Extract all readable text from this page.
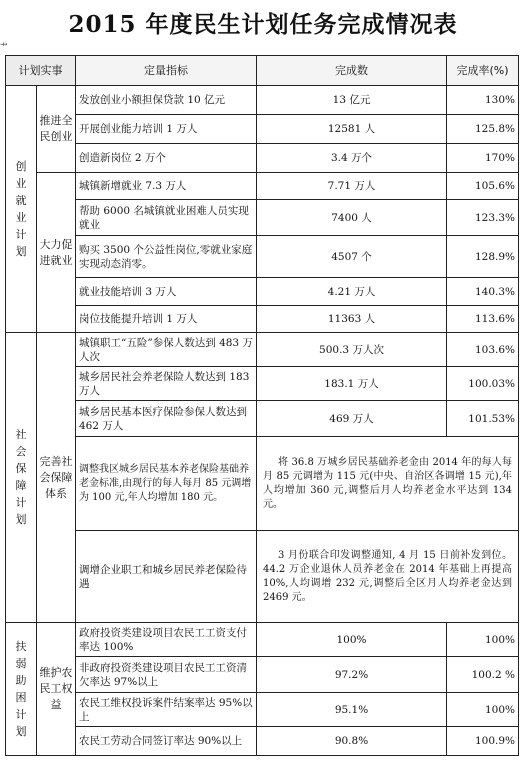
2015 年度民生计划任务完成情况表
⇸
计划实事		定量指标	完成数	完成率(%)
创业就业计划	推进全民创业	发放创业小额担保贷款 10 亿元	13 亿元	130%
		开展创业能力培训 1 万人	12581 人	125.8%
		创造新岗位 2 万个	3.4 万个	170%
	大力促进就业	城镇新增就业 7.3 万人	7.71 万人	105.6%
		帮助 6000 名城镇就业困难人员实现就业	7400 人	123.3%
		购买 3500 个公益性岗位,零就业家庭实现动态消零。	4507 个	128.9%
		就业技能培训 3 万人	4.21 万人	140.3%
		岗位技能提升培训 1 万人	11363 人	113.6%
社会保障计划	完善社会保障体系	城镇职工“五险”参保人数达到 483 万人次	500.3 万人次	103.6%
		城乡居民社会养老保险人数达到 183 万人	183.1 万人	100.03%
		城乡居民基本医疗保险参保人数达到 462 万人	469 万人	101.53%
		调整我区城乡居民基本养老保险基础养老金标准,由现行的每人每月 85 元调增为 100 元,年人均增加 180 元。	将 36.8 万城乡居民基础养老金由 2014 年的每人每月 85 元调增为 115 元(中央、自治区各调增 15 元),年人均增加 360 元,调整后月人均养老金水平达到 134 元。	
		调增企业职工和城乡居民养老保险待遇	3 月份联合印发调整通知, 4 月 15 日前补发到位。44.2 万企业退休人员养老金在 2014 年基础上再提高 10%,人均调增 232 元,调整后全区月人均养老金达到 2469 元。	
扶弱助困计划	维护农民工权益	政府投资类建设项目农民工工资支付率达 100%	100%	100%
		非政府投资类建设项目农民工工资清欠率达 97%以上	97.2%	100.2 %
		农民工维权投诉案件结案率达 95%以上	95.1%	100%
		农民工劳动合同签订率达 90%以上	90.8%	100.9%
